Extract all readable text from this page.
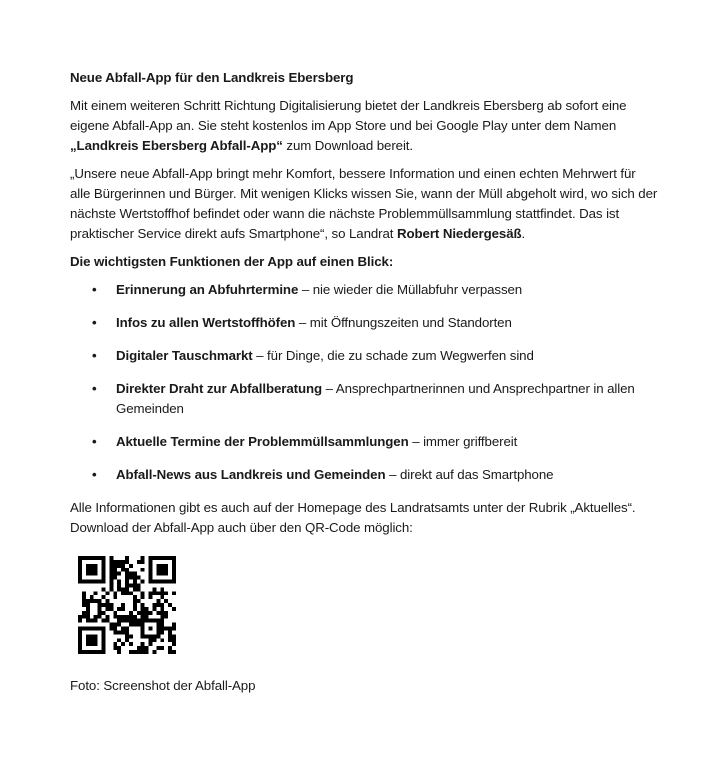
Neue Abfall-App für den Landkreis Ebersberg

Mit einem weiteren Schritt Richtung Digitalisierung bietet der Landkreis Ebersberg ab sofort eine eigene Abfall-App an. Sie steht kostenlos im App Store und bei Google Play unter dem Namen „Landkreis Ebersberg Abfall-App“ zum Download bereit.

„Unsere neue Abfall-App bringt mehr Komfort, bessere Information und einen echten Mehrwert für alle Bürgerinnen und Bürger. Mit wenigen Klicks wissen Sie, wann der Müll abgeholt wird, wo sich der nächste Wertstoffhof befindet oder wann die nächste Problemmüllsammlung stattfindet. Das ist praktischer Service direkt aufs Smartphone“, so Landrat Robert Niedergesäß.

Die wichtigsten Funktionen der App auf einen Blick:
• Erinnerung an Abfuhrtermine – nie wieder die Müllabfuhr verpassen
• Infos zu allen Wertstoffhöfen – mit Öffnungszeiten und Standorten
• Digitaler Tauschmarkt – für Dinge, die zu schade zum Wegwerfen sind
• Direkter Draht zur Abfallberatung – Ansprechpartnerinnen und Ansprechpartner in allen Gemeinden
• Aktuelle Termine der Problemmüllsammlungen – immer griffbereit
• Abfall-News aus Landkreis und Gemeinden – direkt auf das Smartphone

Alle Informationen gibt es auch auf der Homepage des Landratsamts unter der Rubrik „Aktuelles“. Download der Abfall-App auch über den QR-Code möglich:

Foto: Screenshot der Abfall-App
